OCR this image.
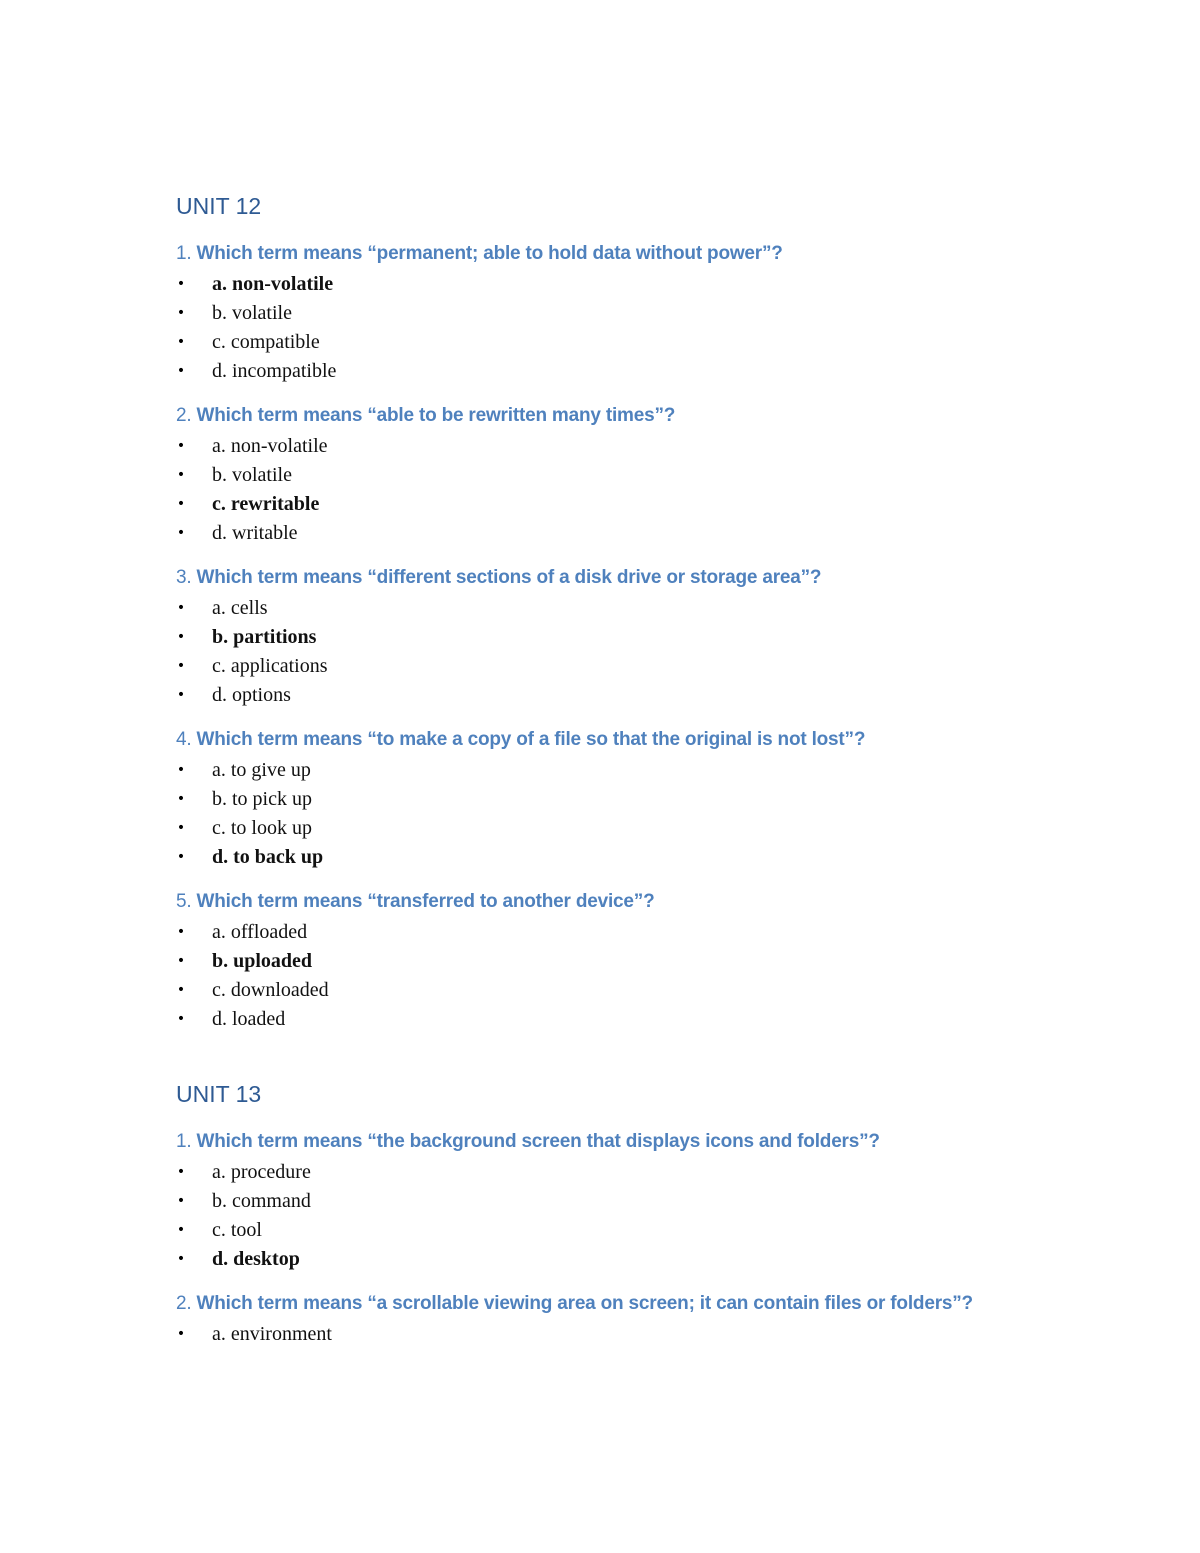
UNIT 12

1. Which term means “permanent; able to hold data without power”?

• a. non-volatile
• b. volatile
• c. compatible
• d. incompatible

2. Which term means “able to be rewritten many times”?

• a. non-volatile
• b. volatile
• c. rewritable
• d. writable

3. Which term means “different sections of a disk drive or storage area”?

• a. cells
• b. partitions
• c. applications
• d. options

4. Which term means “to make a copy of a file so that the original is not lost”?

• a. to give up
• b. to pick up
• c. to look up
• d. to back up

5. Which term means “transferred to another device”?

• a. offloaded
• b. uploaded
• c. downloaded
• d. loaded
UNIT 13

1. Which term means “the background screen that displays icons and folders”?

• a. procedure
• b. command
• c. tool
• d. desktop

2. Which term means “a scrollable viewing area on screen; it can contain files or folders”?

• a. environment
